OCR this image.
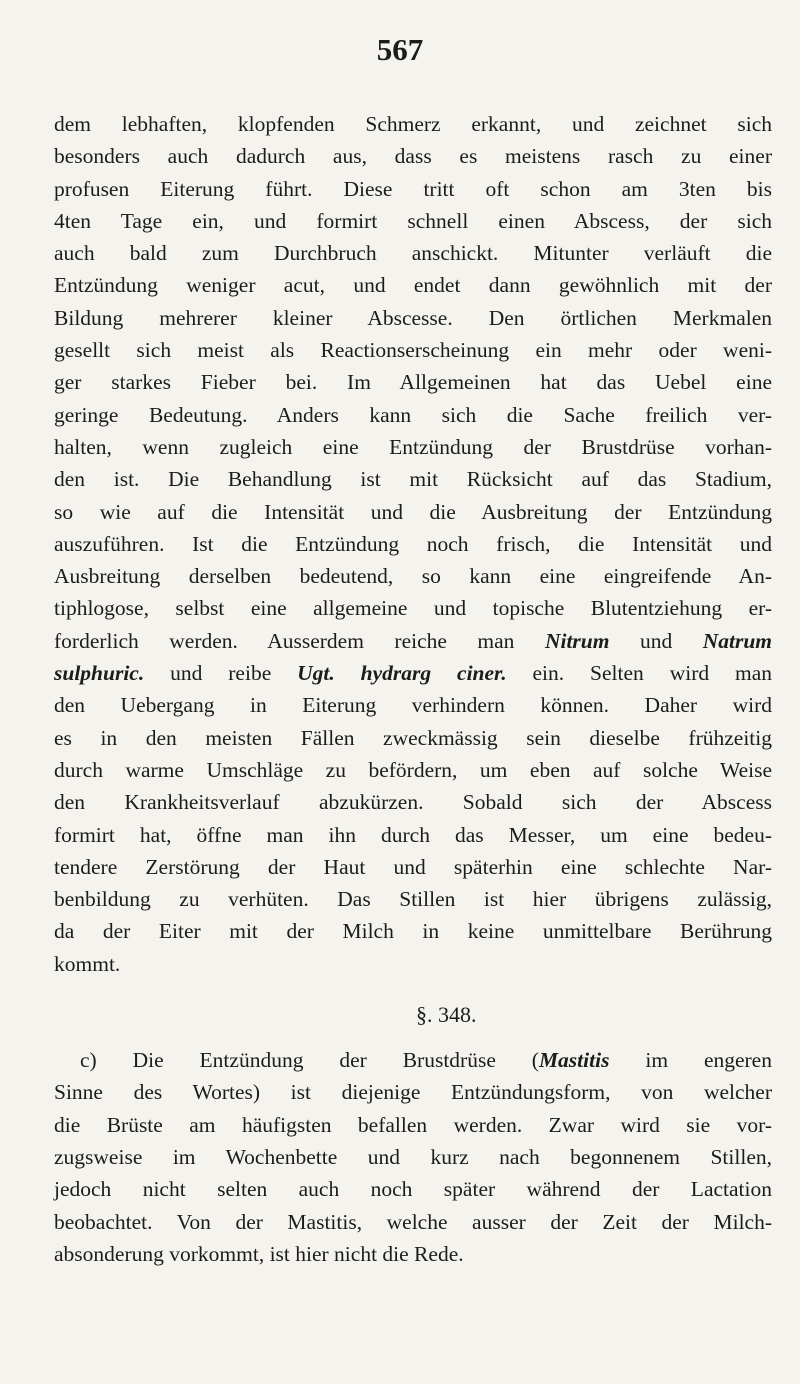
567
dem lebhaften, klopfenden Schmerz erkannt, und zeichnet sich
besonders auch dadurch aus, dass es meistens rasch zu einer
profusen Eiterung führt. Diese tritt oft schon am 3ten bis
4ten Tage ein, und formirt schnell einen Abscess, der sich
auch bald zum Durchbruch anschickt. Mitunter verläuft die
Entzündung weniger acut, und endet dann gewöhnlich mit der
Bildung mehrerer kleiner Abscesse. Den örtlichen Merkmalen
gesellt sich meist als Reactionserscheinung ein mehr oder weni-
ger starkes Fieber bei. Im Allgemeinen hat das Uebel eine
geringe Bedeutung. Anders kann sich die Sache freilich ver-
halten, wenn zugleich eine Entzündung der Brustdrüse vorhan-
den ist. Die Behandlung ist mit Rücksicht auf das Stadium,
so wie auf die Intensität und die Ausbreitung der Entzündung
auszuführen. Ist die Entzündung noch frisch, die Intensität und
Ausbreitung derselben bedeutend, so kann eine eingreifende An-
tiphlogose, selbst eine allgemeine und topische Blutentziehung er-
forderlich werden. Ausserdem reiche man Nitrum und Natrum
sulphuric. und reibe Ugt. hydrarg ciner. ein. Selten wird man
den Uebergang in Eiterung verhindern können. Daher wird
es in den meisten Fällen zweckmässig sein dieselbe frühzeitig
durch warme Umschläge zu befördern, um eben auf solche Weise
den Krankheitsverlauf abzukürzen. Sobald sich der Abscess
formirt hat, öffne man ihn durch das Messer, um eine bedeu-
tendere Zerstörung der Haut und späterhin eine schlechte Nar-
benbildung zu verhüten. Das Stillen ist hier übrigens zulässig,
da der Eiter mit der Milch in keine unmittelbare Berührung
kommt.
§. 348.
c) Die Entzündung der Brustdrüse (Mastitis im engeren
Sinne des Wortes) ist diejenige Entzündungsform, von welcher
die Brüste am häufigsten befallen werden. Zwar wird sie vor-
zugsweise im Wochenbette und kurz nach begonnenem Stillen,
jedoch nicht selten auch noch später während der Lactation
beobachtet. Von der Mastitis, welche ausser der Zeit der Milch-
absonderung vorkommt, ist hier nicht die Rede.
